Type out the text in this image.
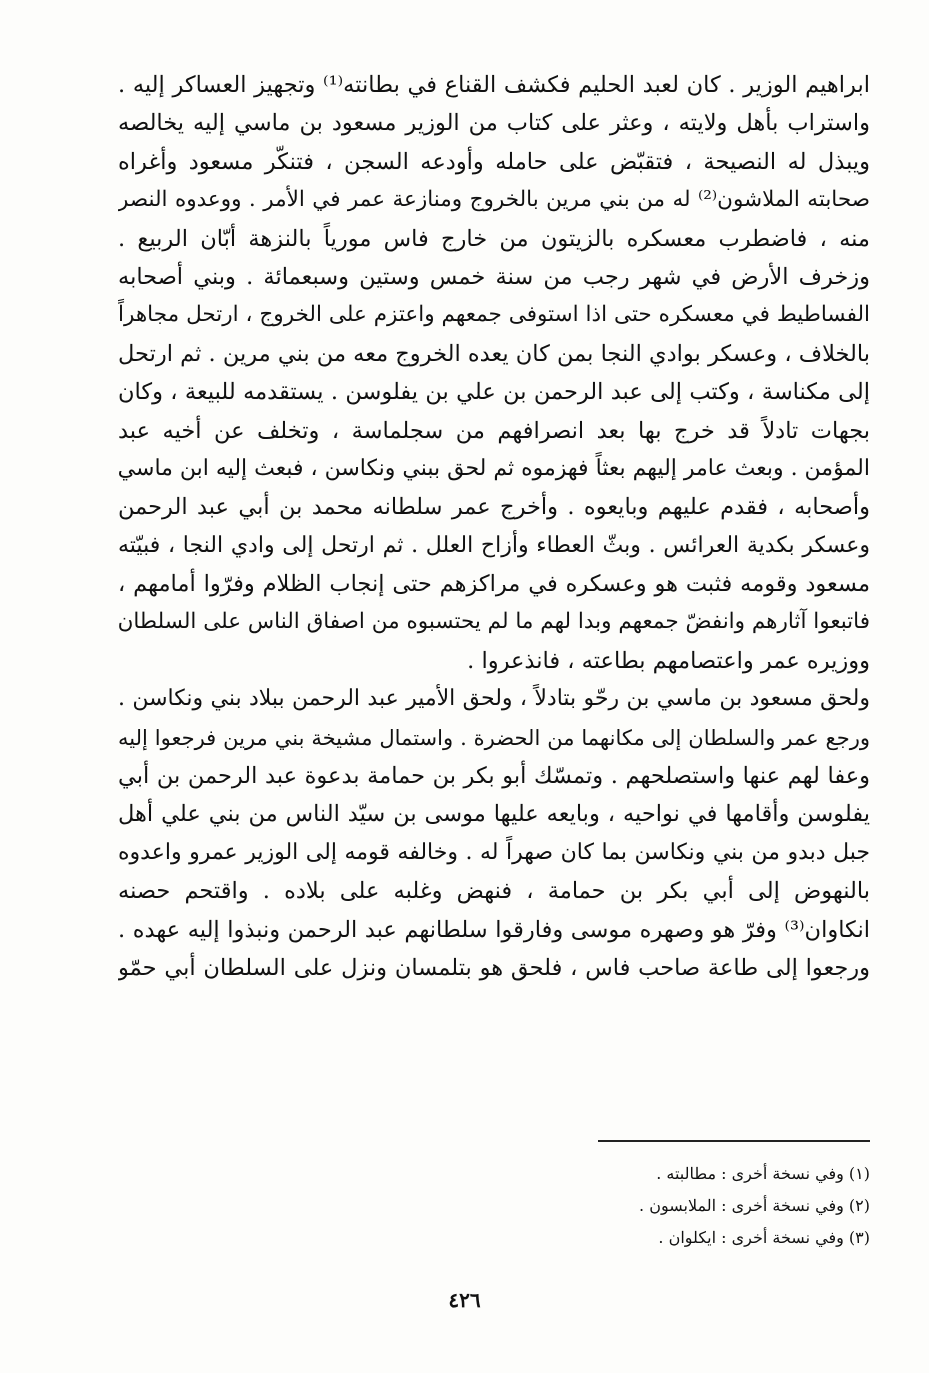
ابراهيم الوزير . كان لعبد الحليم فكشف القناع في بطانته⁽¹⁾ وتجهيز العساكر إليه .
واستراب بأهل ولايته ، وعثر على كتاب من الوزير مسعود بن ماسي إليه يخالصه
ويبذل له النصيحة ، فتقبّض على حامله وأودعه السجن ، فتنكّر مسعود وأغراه
صحابته الملاشون⁽²⁾ له من بني مرين بالخروج ومنازعة عمر في الأمر . ووعدوه النصر
منه ، فاضطرب معسكره بالزيتون من خارج فاس مورياً بالنزهة أبّان الربيع .
وزخرف الأرض في شهر رجب من سنة خمس وستين وسبعمائة . وبني أصحابه
الفساطيط في معسكره حتى اذا استوفى جمعهم واعتزم على الخروج ، ارتحل مجاهراً
بالخلاف ، وعسكر بوادي النجا بمن كان يعده الخروج معه من بني مرين . ثم ارتحل
إلى مكناسة ، وكتب إلى عبد الرحمن بن علي بن يفلوسن . يستقدمه للبيعة ، وكان
بجهات تادلاً قد خرج بها بعد انصرافهم من سجلماسة ، وتخلف عن أخيه عبد
المؤمن . وبعث عامر إليهم بعثاً فهزموه ثم لحق ببني ونكاسن ، فبعث إليه ابن ماسي
وأصحابه ، فقدم عليهم وبايعوه . وأخرج عمر سلطانه محمد بن أبي عبد الرحمن
وعسكر بكدية العرائس . وبثّ العطاء وأزاح العلل . ثم ارتحل إلى وادي النجا ، فبيّته
مسعود وقومه فثبت هو وعسكره في مراكزهم حتى إنجاب الظلام وفرّوا أمامهم ،
فاتبعوا آثارهم وانفضّ جمعهم وبدا لهم ما لم يحتسبوه من اصفاق الناس على السلطان
ووزيره عمر واعتصامهم بطاعته ، فانذعروا .
ولحق مسعود بن ماسي بن رحّو بتادلاً ، ولحق الأمير عبد الرحمن ببلاد بني ونكاسن .
ورجع عمر والسلطان إلى مكانهما من الحضرة . واستمال مشيخة بني مرين فرجعوا إليه
وعفا لهم عنها واستصلحهم . وتمسّك أبو بكر بن حمامة بدعوة عبد الرحمن بن أبي
يفلوسن وأقامها في نواحيه ، وبايعه عليها موسى بن سيّد الناس من بني علي أهل
جبل دبدو من بني ونكاسن بما كان صهراً له . وخالفه قومه إلى الوزير عمرو واعدوه
بالنهوض إلى أبي بكر بن حمامة ، فنهض وغلبه على بلاده . واقتحم حصنه
انكاوان⁽³⁾ وفرّ هو وصهره موسى وفارقوا سلطانهم عبد الرحمن ونبذوا إليه عهده .
ورجعوا إلى طاعة صاحب فاس ، فلحق هو بتلمسان ونزل على السلطان أبي حمّو
(١) وفي نسخة أخرى : مطالبته .
(٢) وفي نسخة أخرى : الملابسون .
(٣) وفي نسخة أخرى : ايكلوان .
٤٢٦
